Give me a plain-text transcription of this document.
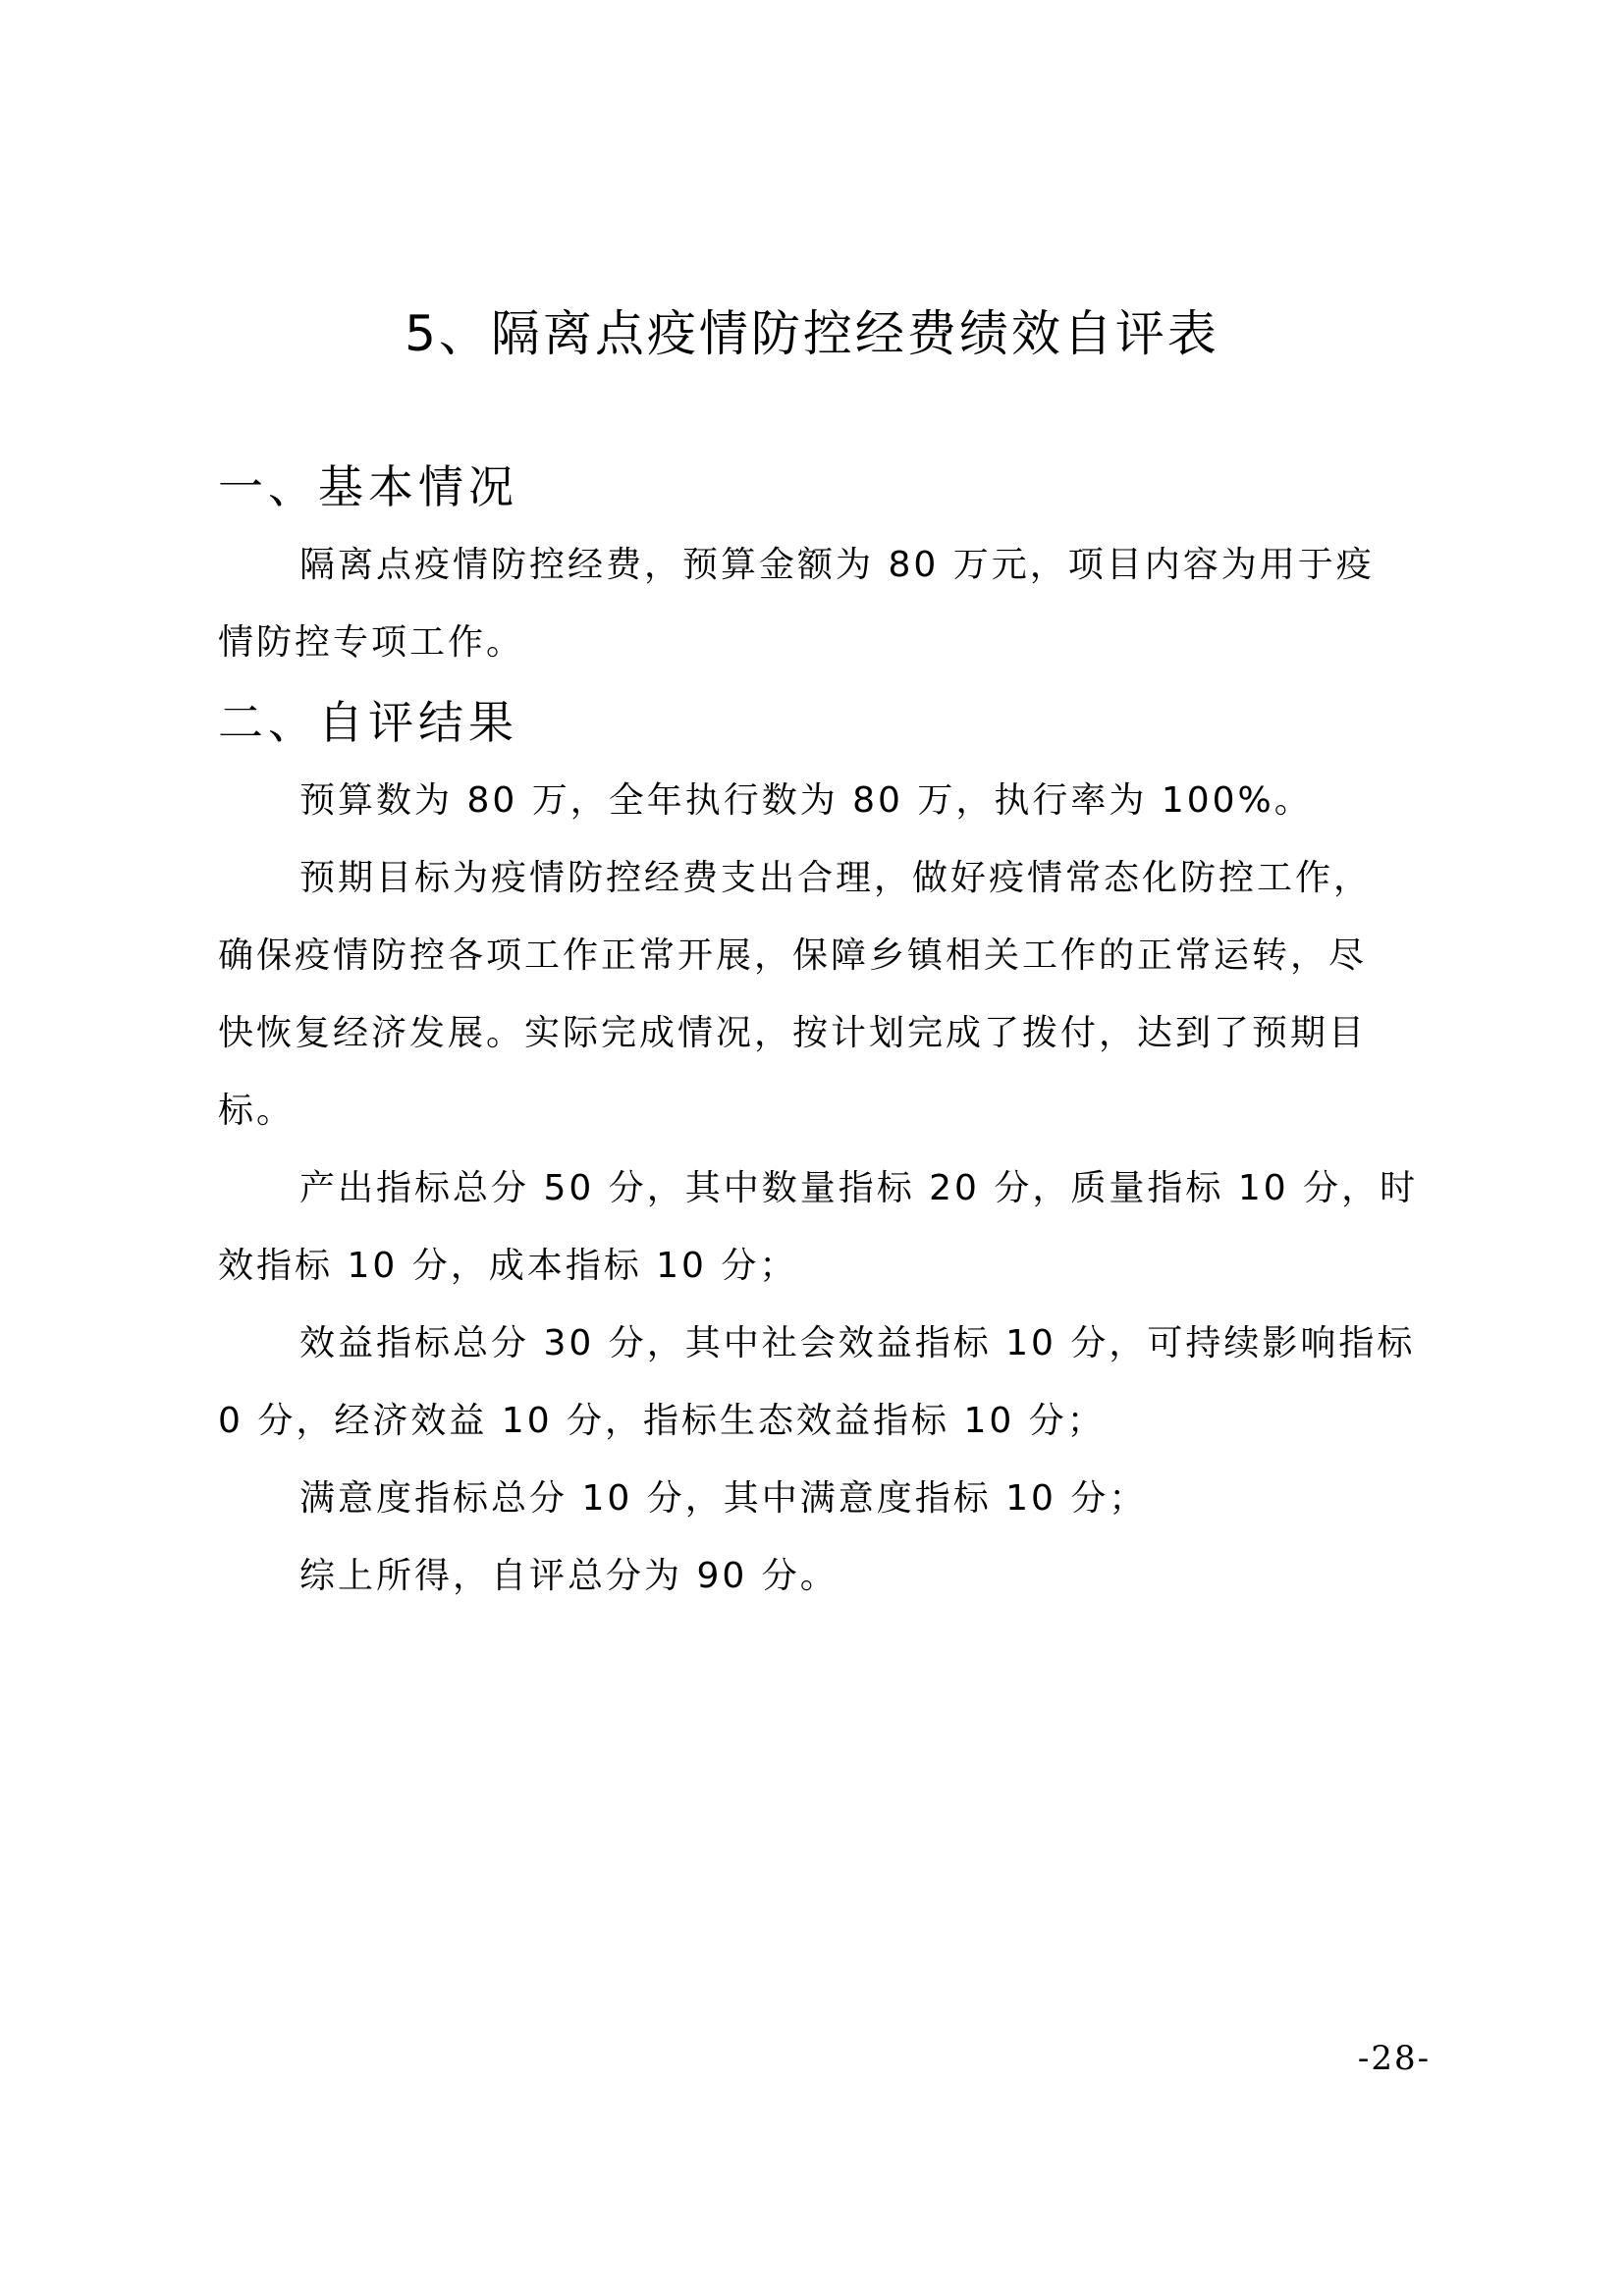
5、隔离点疫情防控经费绩效自评表
一、基本情况
隔离点疫情防控经费，预算金额为 80 万元，项目内容为用于疫
情防控专项工作。
二、自评结果
预算数为 80 万，全年执行数为 80 万，执行率为 100%。
预期目标为疫情防控经费支出合理，做好疫情常态化防控工作，
确保疫情防控各项工作正常开展，保障乡镇相关工作的正常运转，尽
快恢复经济发展。实际完成情况，按计划完成了拨付，达到了预期目
标。
产出指标总分 50 分，其中数量指标 20 分，质量指标 10 分，时
效指标 10 分，成本指标 10 分；
效益指标总分 30 分，其中社会效益指标 10 分，可持续影响指标
0 分，经济效益 10 分，指标生态效益指标 10 分；
满意度指标总分 10 分，其中满意度指标 10 分；
综上所得，自评总分为 90 分。
-28-
